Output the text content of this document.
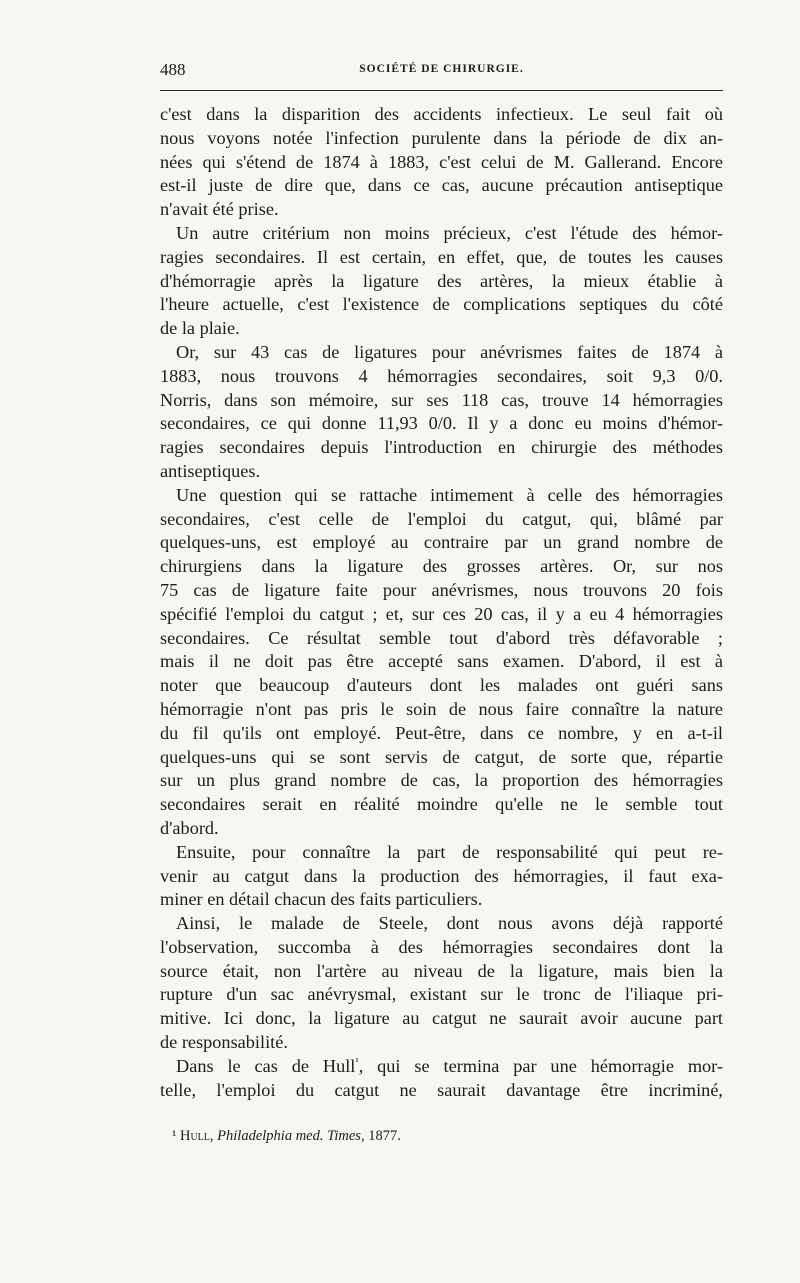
488	SOCIÉTÉ DE CHIRURGIE.
c'est dans la disparition des accidents infectieux. Le seul fait où
nous voyons notée l'infection purulente dans la période de dix an-
nées qui s'étend de 1874 à 1883, c'est celui de M. Gallerand. Encore
est-il juste de dire que, dans ce cas, aucune précaution antiseptique
n'avait été prise.
Un autre critérium non moins précieux, c'est l'étude des hémor-
ragies secondaires. Il est certain, en effet, que, de toutes les causes
d'hémorragie après la ligature des artères, la mieux établie à
l'heure actuelle, c'est l'existence de complications septiques du côté
de la plaie.
Or, sur 43 cas de ligatures pour anévrismes faites de 1874 à
1883, nous trouvons 4 hémorragies secondaires, soit 9,3 0/0.
Norris, dans son mémoire, sur ses 118 cas, trouve 14 hémorragies
secondaires, ce qui donne 11,93 0/0. Il y a donc eu moins d'hémor-
ragies secondaires depuis l'introduction en chirurgie des méthodes
antiseptiques.
Une question qui se rattache intimement à celle des hémorragies
secondaires, c'est celle de l'emploi du catgut, qui, blâmé par
quelques-uns, est employé au contraire par un grand nombre de
chirurgiens dans la ligature des grosses artères. Or, sur nos
75 cas de ligature faite pour anévrismes, nous trouvons 20 fois
spécifié l'emploi du catgut ; et, sur ces 20 cas, il y a eu 4 hémorragies
secondaires. Ce résultat semble tout d'abord très défavorable ;
mais il ne doit pas être accepté sans examen. D'abord, il est à
noter que beaucoup d'auteurs dont les malades ont guéri sans
hémorragie n'ont pas pris le soin de nous faire connaître la nature
du fil qu'ils ont employé. Peut-être, dans ce nombre, y en a-t-il
quelques-uns qui se sont servis de catgut, de sorte que, répartie
sur un plus grand nombre de cas, la proportion des hémorragies
secondaires serait en réalité moindre qu'elle ne le semble tout
d'abord.
Ensuite, pour connaître la part de responsabilité qui peut re-
venir au catgut dans la production des hémorragies, il faut exa-
miner en détail chacun des faits particuliers.
Ainsi, le malade de Steele, dont nous avons déjà rapporté
l'observation, succomba à des hémorragies secondaires dont la
source était, non l'artère au niveau de la ligature, mais bien la
rupture d'un sac anévrysmal, existant sur le tronc de l'iliaque pri-
mitive. Ici donc, la ligature au catgut ne saurait avoir aucune part
de responsabilité.
Dans le cas de Hull$^{^1}$, qui se termina par une hémorragie mor-
telle, l'emploi du catgut ne saurait davantage être incriminé,
¹ Hull, Philadelphia med. Times, 1877.
